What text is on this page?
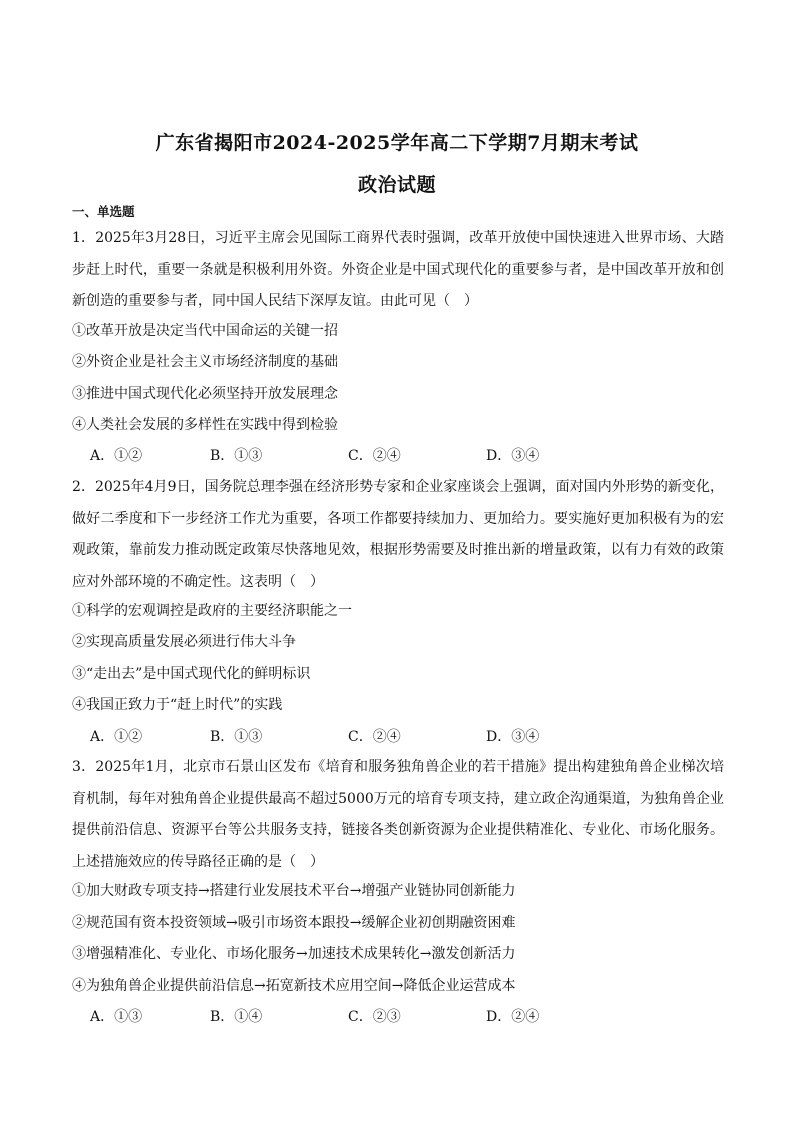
广东省揭阳市2024-2025学年高二下学期7月期末考试
政治试题
一、单选题

1．2025年3月28日，习近平主席会见国际工商界代表时强调，改革开放使中国快速进入世界市场、大踏步赶上时代，重要一条就是积极利用外资。外资企业是中国式现代化的重要参与者，是中国改革开放和创新创造的重要参与者，同中国人民结下深厚友谊。由此可见（　）

①改革开放是决定当代中国命运的关键一招
②外资企业是社会主义市场经济制度的基础
③推进中国式现代化必须坚持开放发展理念
④人类社会发展的多样性在实践中得到检验
A．①②	B．①③	C．②④	D．③④

2．2025年4月9日，国务院总理李强在经济形势专家和企业家座谈会上强调，面对国内外形势的新变化，做好二季度和下一步经济工作尤为重要，各项工作都要持续加力、更加给力。要实施好更加积极有为的宏观政策，靠前发力推动既定政策尽快落地见效，根据形势需要及时推出新的增量政策，以有力有效的政策应对外部环境的不确定性。这表明（　）

①科学的宏观调控是政府的主要经济职能之一
②实现高质量发展必须进行伟大斗争
③“走出去”是中国式现代化的鲜明标识
④我国正致力于“赶上时代”的实践
A．①②	B．①③	C．②④	D．③④

3．2025年1月，北京市石景山区发布《培育和服务独角兽企业的若干措施》提出构建独角兽企业梯次培育机制，每年对独角兽企业提供最高不超过5000万元的培育专项支持，建立政企沟通渠道，为独角兽企业提供前沿信息、资源平台等公共服务支持，链接各类创新资源为企业提供精准化、专业化、市场化服务。上述措施效应的传导路径正确的是（　）

①加大财政专项支持→搭建行业发展技术平台→增强产业链协同创新能力
②规范国有资本投资领域→吸引市场资本跟投→缓解企业初创期融资困难
③增强精准化、专业化、市场化服务→加速技术成果转化→激发创新活力
④为独角兽企业提供前沿信息→拓宽新技术应用空间→降低企业运营成本
A．①③	B．①④	C．②③	D．②④
